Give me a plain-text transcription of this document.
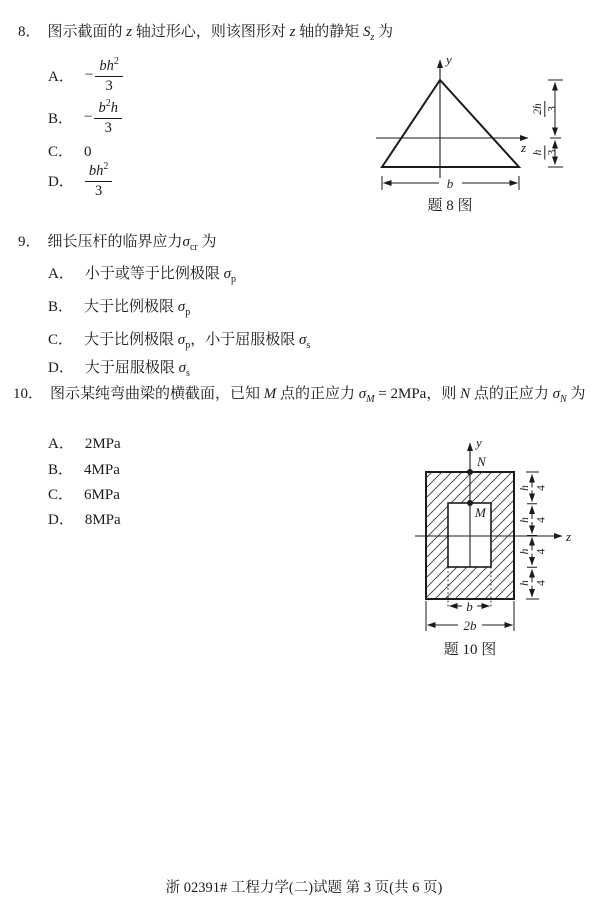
8． 图示截面的 z 轴过形心，则该图形对 z 轴的静矩 $S_z$ 为
A． − $\frac{bh^2}{3}$
B． − $\frac{b^2h}{3}$
C． 0
D． $\frac{bh^2}{3}$
y
z
2h 3
h 3
b
题 8 图
9． 细长压杆的临界应力$\sigma_{cr}$ 为
A． 小于或等于比例极限 $\sigma_p$
B． 大于比例极限 $\sigma_p$
C． 大于比例极限 $\sigma_p$，小于屈服极限 $\sigma_s$
D． 大于屈服极限 $\sigma_s$
10． 图示某纯弯曲梁的横截面，已知 M 点的正应力 $\sigma_M = 2MPa$，则 N 点的正应力 $\sigma_N$ 为
A． 2MPa
B． 4MPa
C． 6MPa
D． 8MPa
y
z
N
M
h 4
h 4
h 4
h 4
b
2b
题 10 图
浙 02391# 工程力学(二)试题 第 3 页(共 6 页)
